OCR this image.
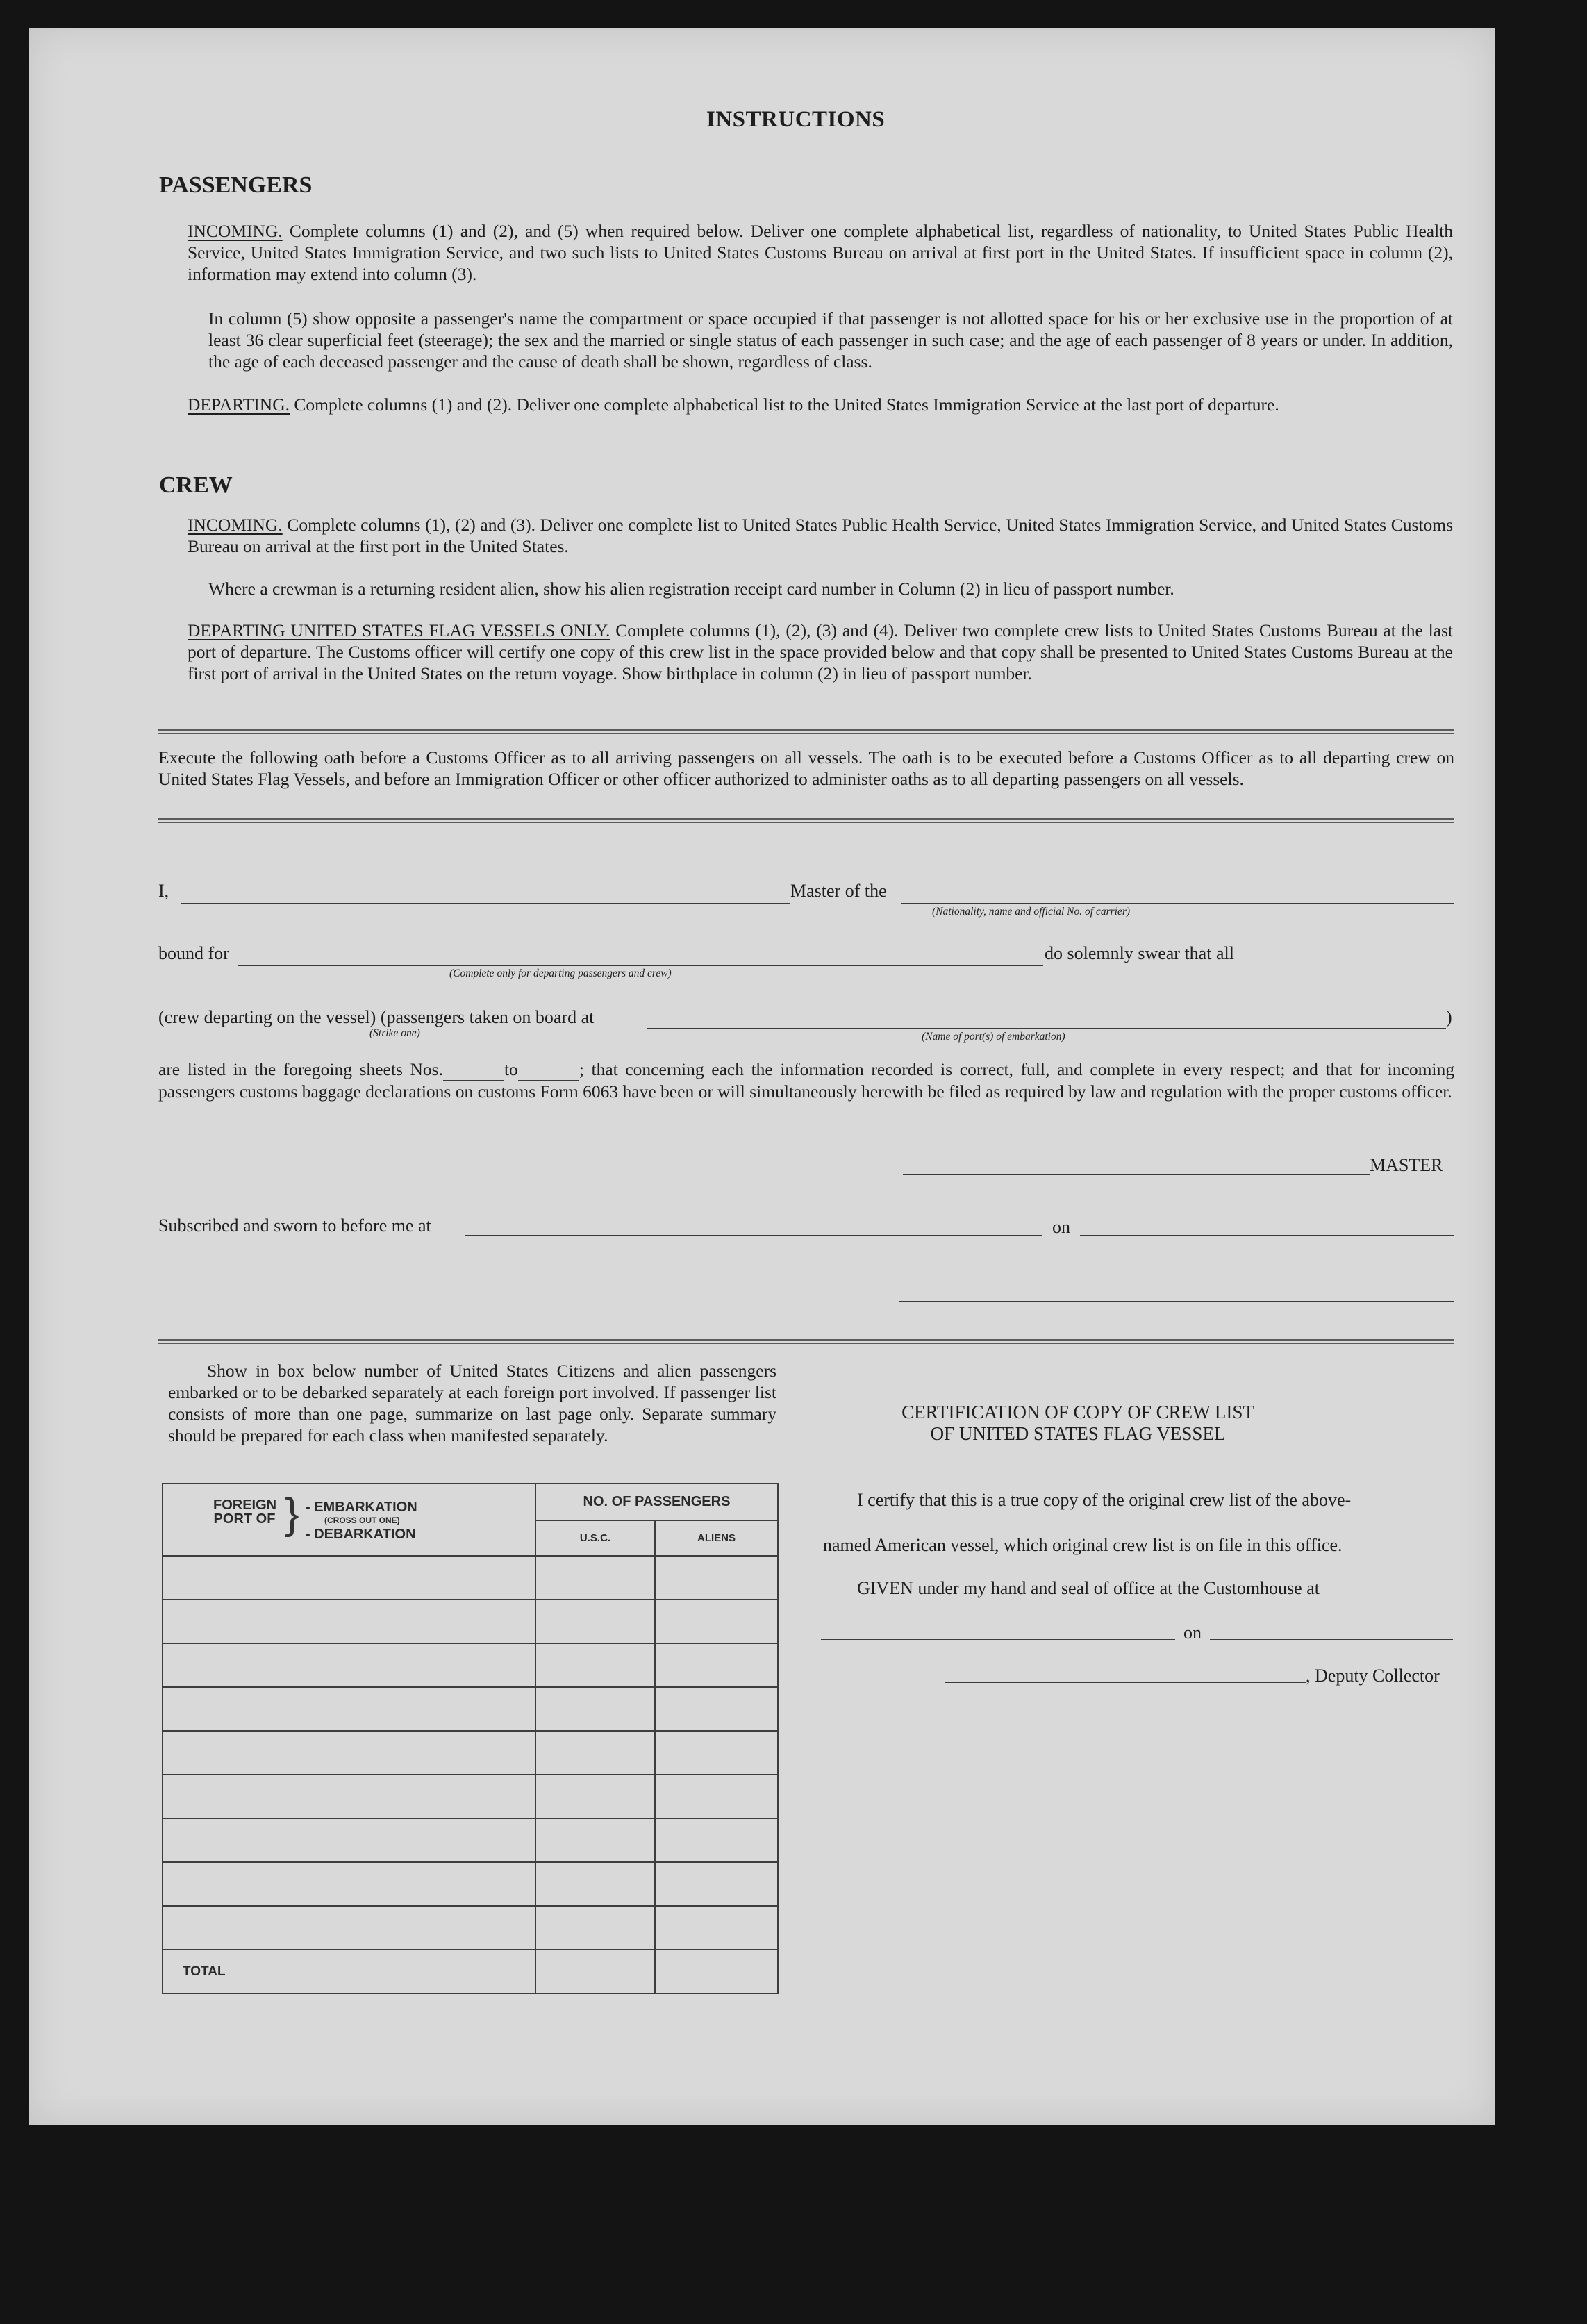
INSTRUCTIONS
PASSENGERS
INCOMING. Complete columns (1) and (2), and (5) when required below. Deliver one complete alphabetical list, regardless of nationality, to United States Public Health Service, United States Immigration Service, and two such lists to United States Customs Bureau on arrival at first port in the United States. If insufficient space in column (2), information may extend into column (3).
In column (5) show opposite a passenger's name the compartment or space occupied if that passenger is not allotted space for his or her exclusive use in the proportion of at least 36 clear superficial feet (steerage); the sex and the married or single status of each passenger in such case; and the age of each passenger of 8 years or under. In addition, the age of each deceased passenger and the cause of death shall be shown, regardless of class.
DEPARTING. Complete columns (1) and (2). Deliver one complete alphabetical list to the United States Immigration Service at the last port of departure.
CREW
INCOMING. Complete columns (1), (2) and (3). Deliver one complete list to United States Public Health Service, United States Immigration Service, and United States Customs Bureau on arrival at the first port in the United States.
Where a crewman is a returning resident alien, show his alien registration receipt card number in Column (2) in lieu of passport number.
DEPARTING UNITED STATES FLAG VESSELS ONLY. Complete columns (1), (2), (3) and (4). Deliver two complete crew lists to United States Customs Bureau at the last port of departure. The Customs officer will certify one copy of this crew list in the space provided below and that copy shall be presented to United States Customs Bureau at the first port of arrival in the United States on the return voyage. Show birthplace in column (2) in lieu of passport number.
Execute the following oath before a Customs Officer as to all arriving passengers on all vessels. The oath is to be executed before a Customs Officer as to all departing crew on United States Flag Vessels, and before an Immigration Officer or other officer authorized to administer oaths as to all departing passengers on all vessels.
I,	Master of the
(Nationality, name and official No. of carrier)
bound for
(Complete only for departing passengers and crew)
do solemnly swear that all
(crew departing on the vessel) (passengers taken on board at
(Strike one)
)
(Name of port(s) of embarkation)
are listed in the foregoing sheets Nos.	to	; that concerning each the information recorded is correct, full, and complete in every respect; and that for incoming passengers customs baggage declarations on customs Form 6063 have been or will simultaneously herewith be filed as required by law and regulation with the proper customs officer.
MASTER
Subscribed and sworn to before me at	on
Show in box below number of United States Citizens and alien passengers embarked or to be debarked separately at each foreign port involved. If passenger list consists of more than one page, summarize on last page only. Separate summary should be prepared for each class when manifested separately.
FOREIGN PORT OF } - EMBARKATION
(CROSS OUT ONE)
- DEBARKATION	NO. OF PASSENGERS	
	U.S.C.	ALIENS

TOTAL		
CERTIFICATION OF COPY OF CREW LIST
OF UNITED STATES FLAG VESSEL
I certify that this is a true copy of the original crew list of the above-
named American vessel, which original crew list is on file in this office.
GIVEN under my hand and seal of office at the Customhouse at
on
, Deputy Collector
